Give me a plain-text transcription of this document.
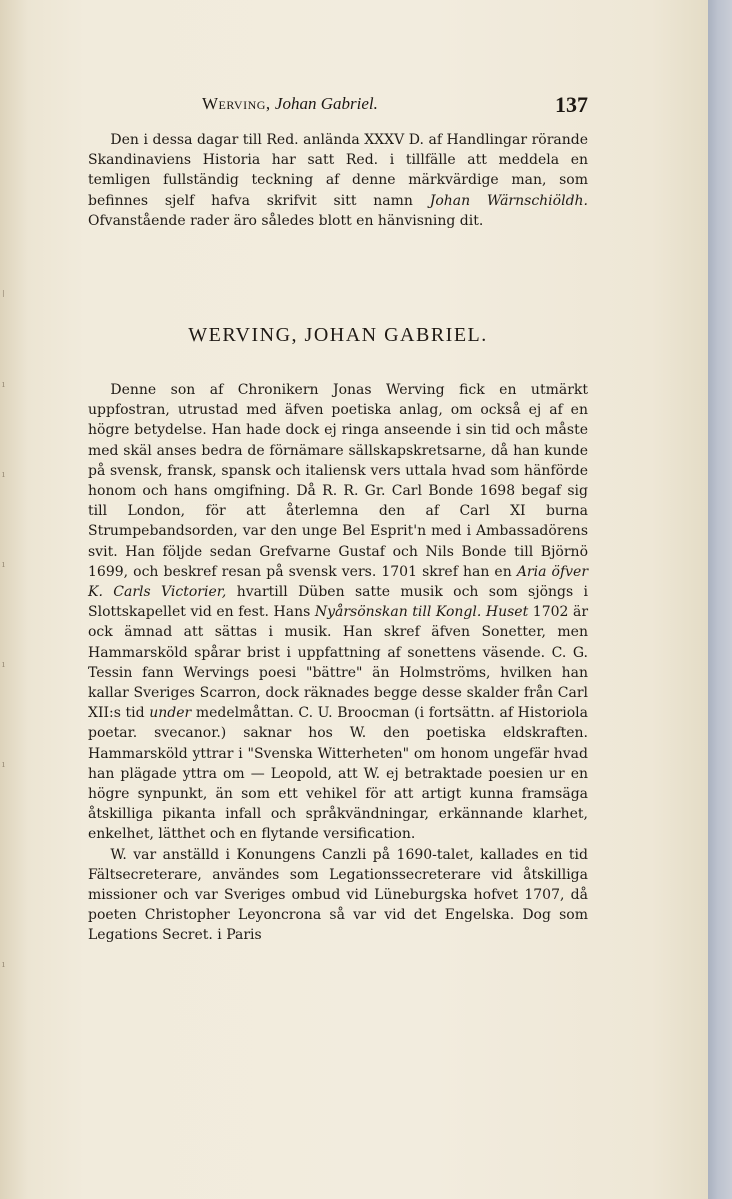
ǀ
ı
ı
ı
ı
ı
ı
Werving, Johan Gabriel.	137

Den i dessa dagar till Red. anlända XXXV D. af Handlingar rörande Skandinaviens Historia har satt Red. i tillfälle att meddela en temligen fullständig teckning af denne märkvärdige man, som befinnes sjelf hafva skrifvit sitt namn Johan Wärnschiöldh. Ofvanstående rader äro således blott en hänvisning dit.

WERVING, JOHAN GABRIEL.

Denne son af Chronikern Jonas Werving fick en utmärkt uppfostran, utrustad med äfven poetiska anlag, om också ej af en högre betydelse. Han hade dock ej ringa anseende i sin tid och måste med skäl anses bedra de förnämare sällskapskretsarne, då han kunde på svensk, fransk, spansk och italiensk vers uttala hvad som hänförde honom och hans omgifning. Då R. R. Gr. Carl Bonde 1698 begaf sig till London, för att återlemna den af Carl XI burna Strumpebandsorden, var den unge Bel Esprit'n med i Ambassadörens svit. Han följde sedan Grefvarne Gustaf och Nils Bonde till Björnö 1699, och beskref resan på svensk vers. 1701 skref han en Aria öfver K. Carls Victorier, hvartill Düben satte musik och som sjöngs i Slottskapellet vid en fest. Hans Nyårsönskan till Kongl. Huset 1702 är ock ämnad att sättas i musik. Han skref äfven Sonetter, men Hammarsköld spårar brist i uppfattning af sonettens väsende. C. G. Tessin fann Wervings poesi "bättre" än Holmströms, hvilken han kallar Sveriges Scarron, dock räknades begge desse skalder från Carl XII:s tid under medelmåttan. C. U. Broocman (i fortsättn. af Historiola poetar. svecanor.) saknar hos W. den poetiska eldskraften. Hammarsköld yttrar i "Svenska Witterheten" om honom ungefär hvad han plägade yttra om — Leopold, att W. ej betraktade poesien ur en högre synpunkt, än som ett vehikel för att artigt kunna framsäga åtskilliga pikanta infall och språkvändningar, erkännande klarhet, enkelhet, lätthet och en flytande versification.

W. var anställd i Konungens Canzli på 1690-talet, kallades en tid Fältsecreterare, användes som Legationssecreterare vid åtskilliga missioner och var Sveriges ombud vid Lüneburgska hofvet 1707, då poeten Christopher Leyoncrona så var vid det Engelska. Dog som Legations Secret. i Paris
